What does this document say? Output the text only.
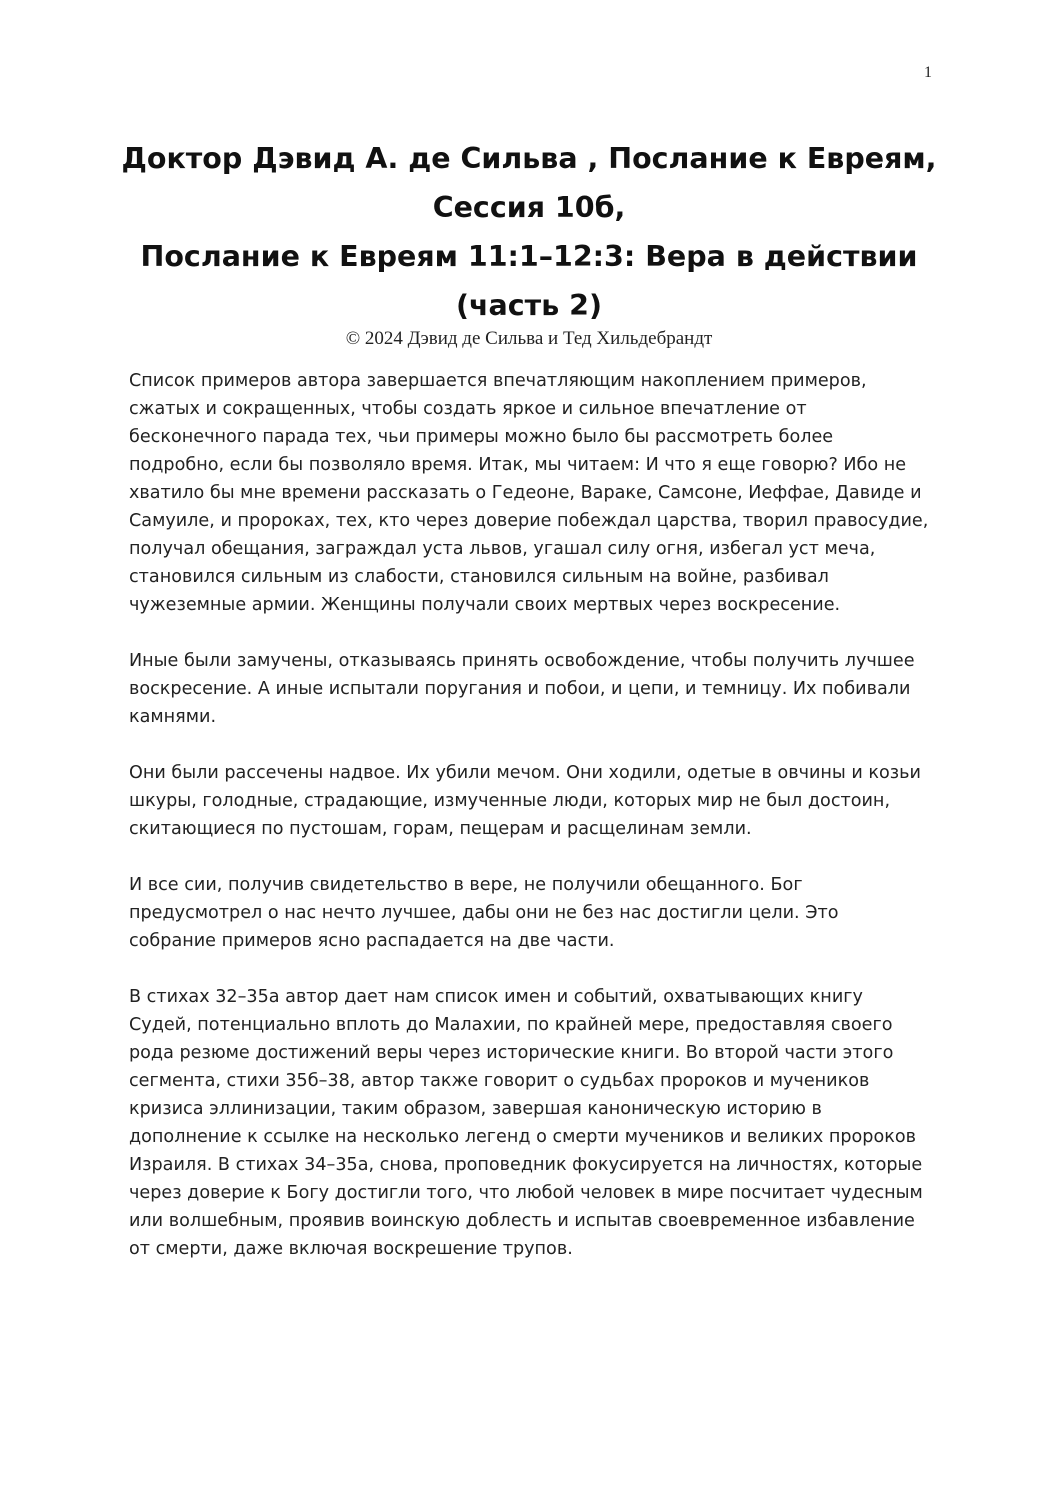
1
Доктор Дэвид А. де Сильва , Послание к Евреям,
Сессия 10б,
Послание к Евреям 11:1–12:3: Вера в действии
(часть 2)
© 2024 Дэвид де Сильва и Тед Хильдебрандт

Список примеров автора завершается впечатляющим накоплением примеров, сжатых и сокращенных, чтобы создать яркое и сильное впечатление от бесконечного парада тех, чьи примеры можно было бы рассмотреть более подробно, если бы позволяло время. Итак, мы читаем: И что я еще говорю? Ибо не хватило бы мне времени рассказать о Гедеоне, Вараке, Самсоне, Иеффае, Давиде и Самуиле, и пророках, тех, кто через доверие побеждал царства, творил правосудие, получал обещания, заграждал уста львов, угашал силу огня, избегал уст меча, становился сильным из слабости, становился сильным на войне, разбивал чужеземные армии. Женщины получали своих мертвых через воскресение.

Иные были замучены, отказываясь принять освобождение, чтобы получить лучшее воскресение. А иные испытали поругания и побои, и цепи, и темницу. Их побивали камнями.

Они были рассечены надвое. Их убили мечом. Они ходили, одетые в овчины и козьи шкуры, голодные, страдающие, измученные люди, которых мир не был достоин, скитающиеся по пустошам, горам, пещерам и расщелинам земли.

И все сии, получив свидетельство в вере, не получили обещанного. Бог предусмотрел о нас нечто лучшее, дабы они не без нас достигли цели. Это собрание примеров ясно распадается на две части.

В стихах 32–35а автор дает нам список имен и событий, охватывающих книгу Судей, потенциально вплоть до Малахии, по крайней мере, предоставляя своего рода резюме достижений веры через исторические книги. Во второй части этого сегмента, стихи 35б–38, автор также говорит о судьбах пророков и мучеников кризиса эллинизации, таким образом, завершая каноническую историю в дополнение к ссылке на несколько легенд о смерти мучеников и великих пророков Израиля. В стихах 34–35а, снова, проповедник фокусируется на личностях, которые через доверие к Богу достигли того, что любой человек в мире посчитает чудесным или волшебным, проявив воинскую доблесть и испытав своевременное избавление от смерти, даже включая воскрешение трупов.
